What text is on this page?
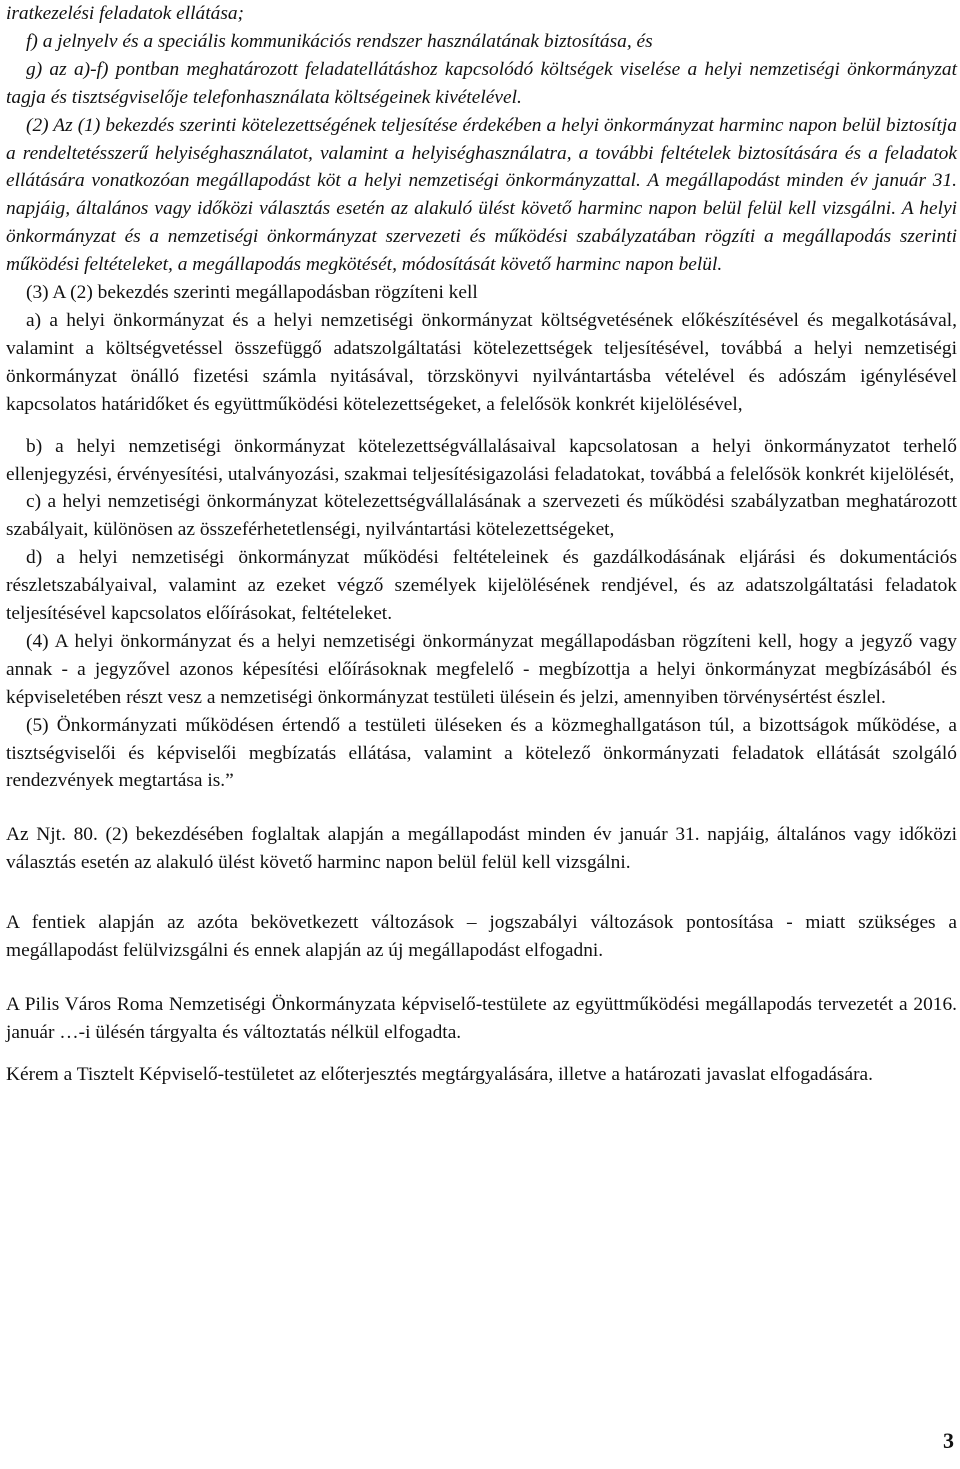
iratkezelési feladatok ellátása;

f) a jelnyelv és a speciális kommunikációs rendszer használatának biztosítása, és

g) az a)-f) pontban meghatározott feladatellátáshoz kapcsolódó költségek viselése a helyi nemzetiségi önkormányzat tagja és tisztségviselője telefonhasználata költségeinek kivételével.

(2) Az (1) bekezdés szerinti kötelezettségének teljesítése érdekében a helyi önkormányzat harminc napon belül biztosítja a rendeltetésszerű helyiséghasználatot, valamint a helyiséghasználatra, a további feltételek biztosítására és a feladatok ellátására vonatkozóan megállapodást köt a helyi nemzetiségi önkormányzattal. A megállapodást minden év január 31. napjáig, általános vagy időközi választás esetén az alakuló ülést követő harminc napon belül felül kell vizsgálni. A helyi önkormányzat és a nemzetiségi önkormányzat szervezeti és működési szabályzatában rögzíti a megállapodás szerinti működési feltételeket, a megállapodás megkötését, módosítását követő harminc napon belül.

(3) A (2) bekezdés szerinti megállapodásban rögzíteni kell

a) a helyi önkormányzat és a helyi nemzetiségi önkormányzat költségvetésének előkészítésével és megalkotásával, valamint a költségvetéssel összefüggő adatszolgáltatási kötelezettségek teljesítésével, továbbá a helyi nemzetiségi önkormányzat önálló fizetési számla nyitásával, törzskönyvi nyilvántartásba vételével és adószám igénylésével kapcsolatos határidőket és együttműködési kötelezettségeket, a felelősök konkrét kijelölésével,

b) a helyi nemzetiségi önkormányzat kötelezettségvállalásaival kapcsolatosan a helyi önkormányzatot terhelő ellenjegyzési, érvényesítési, utalványozási, szakmai teljesítésigazolási feladatokat, továbbá a felelősök konkrét kijelölését,

c) a helyi nemzetiségi önkormányzat kötelezettségvállalásának a szervezeti és működési szabályzatban meghatározott szabályait, különösen az összeférhetetlenségi, nyilvántartási kötelezettségeket,

d) a helyi nemzetiségi önkormányzat működési feltételeinek és gazdálkodásának eljárási és dokumentációs részletszabályaival, valamint az ezeket végző személyek kijelölésének rendjével, és az adatszolgáltatási feladatok teljesítésével kapcsolatos előírásokat, feltételeket.

(4) A helyi önkormányzat és a helyi nemzetiségi önkormányzat megállapodásban rögzíteni kell, hogy a jegyző vagy annak - a jegyzővel azonos képesítési előírásoknak megfelelő - megbízottja a helyi önkormányzat megbízásából és képviseletében részt vesz a nemzetiségi önkormányzat testületi ülésein és jelzi, amennyiben törvénysértést észlel.

(5) Önkormányzati működésen értendő a testületi üléseken és a közmeghallgatáson túl, a bizottságok működése, a tisztségviselői és képviselői megbízatás ellátása, valamint a kötelező önkormányzati feladatok ellátását szolgáló rendezvények megtartása is.”

Az Njt. 80. (2) bekezdésében foglaltak alapján a megállapodást minden év január 31. napjáig, általános vagy időközi választás esetén az alakuló ülést követő harminc napon belül felül kell vizsgálni.

A fentiek alapján az azóta bekövetkezett változások – jogszabályi változások pontosítása - miatt szükséges a megállapodást felülvizsgálni és ennek alapján az új megállapodást elfogadni.

A Pilis Város Roma Nemzetiségi Önkormányzata képviselő-testülete az együttműködési megállapodás tervezetét a 2016. január …-i ülésén tárgyalta és változtatás nélkül elfogadta.

Kérem a Tisztelt Képviselő-testületet az előterjesztés megtárgyalására, illetve a határozati javaslat elfogadására.

3
